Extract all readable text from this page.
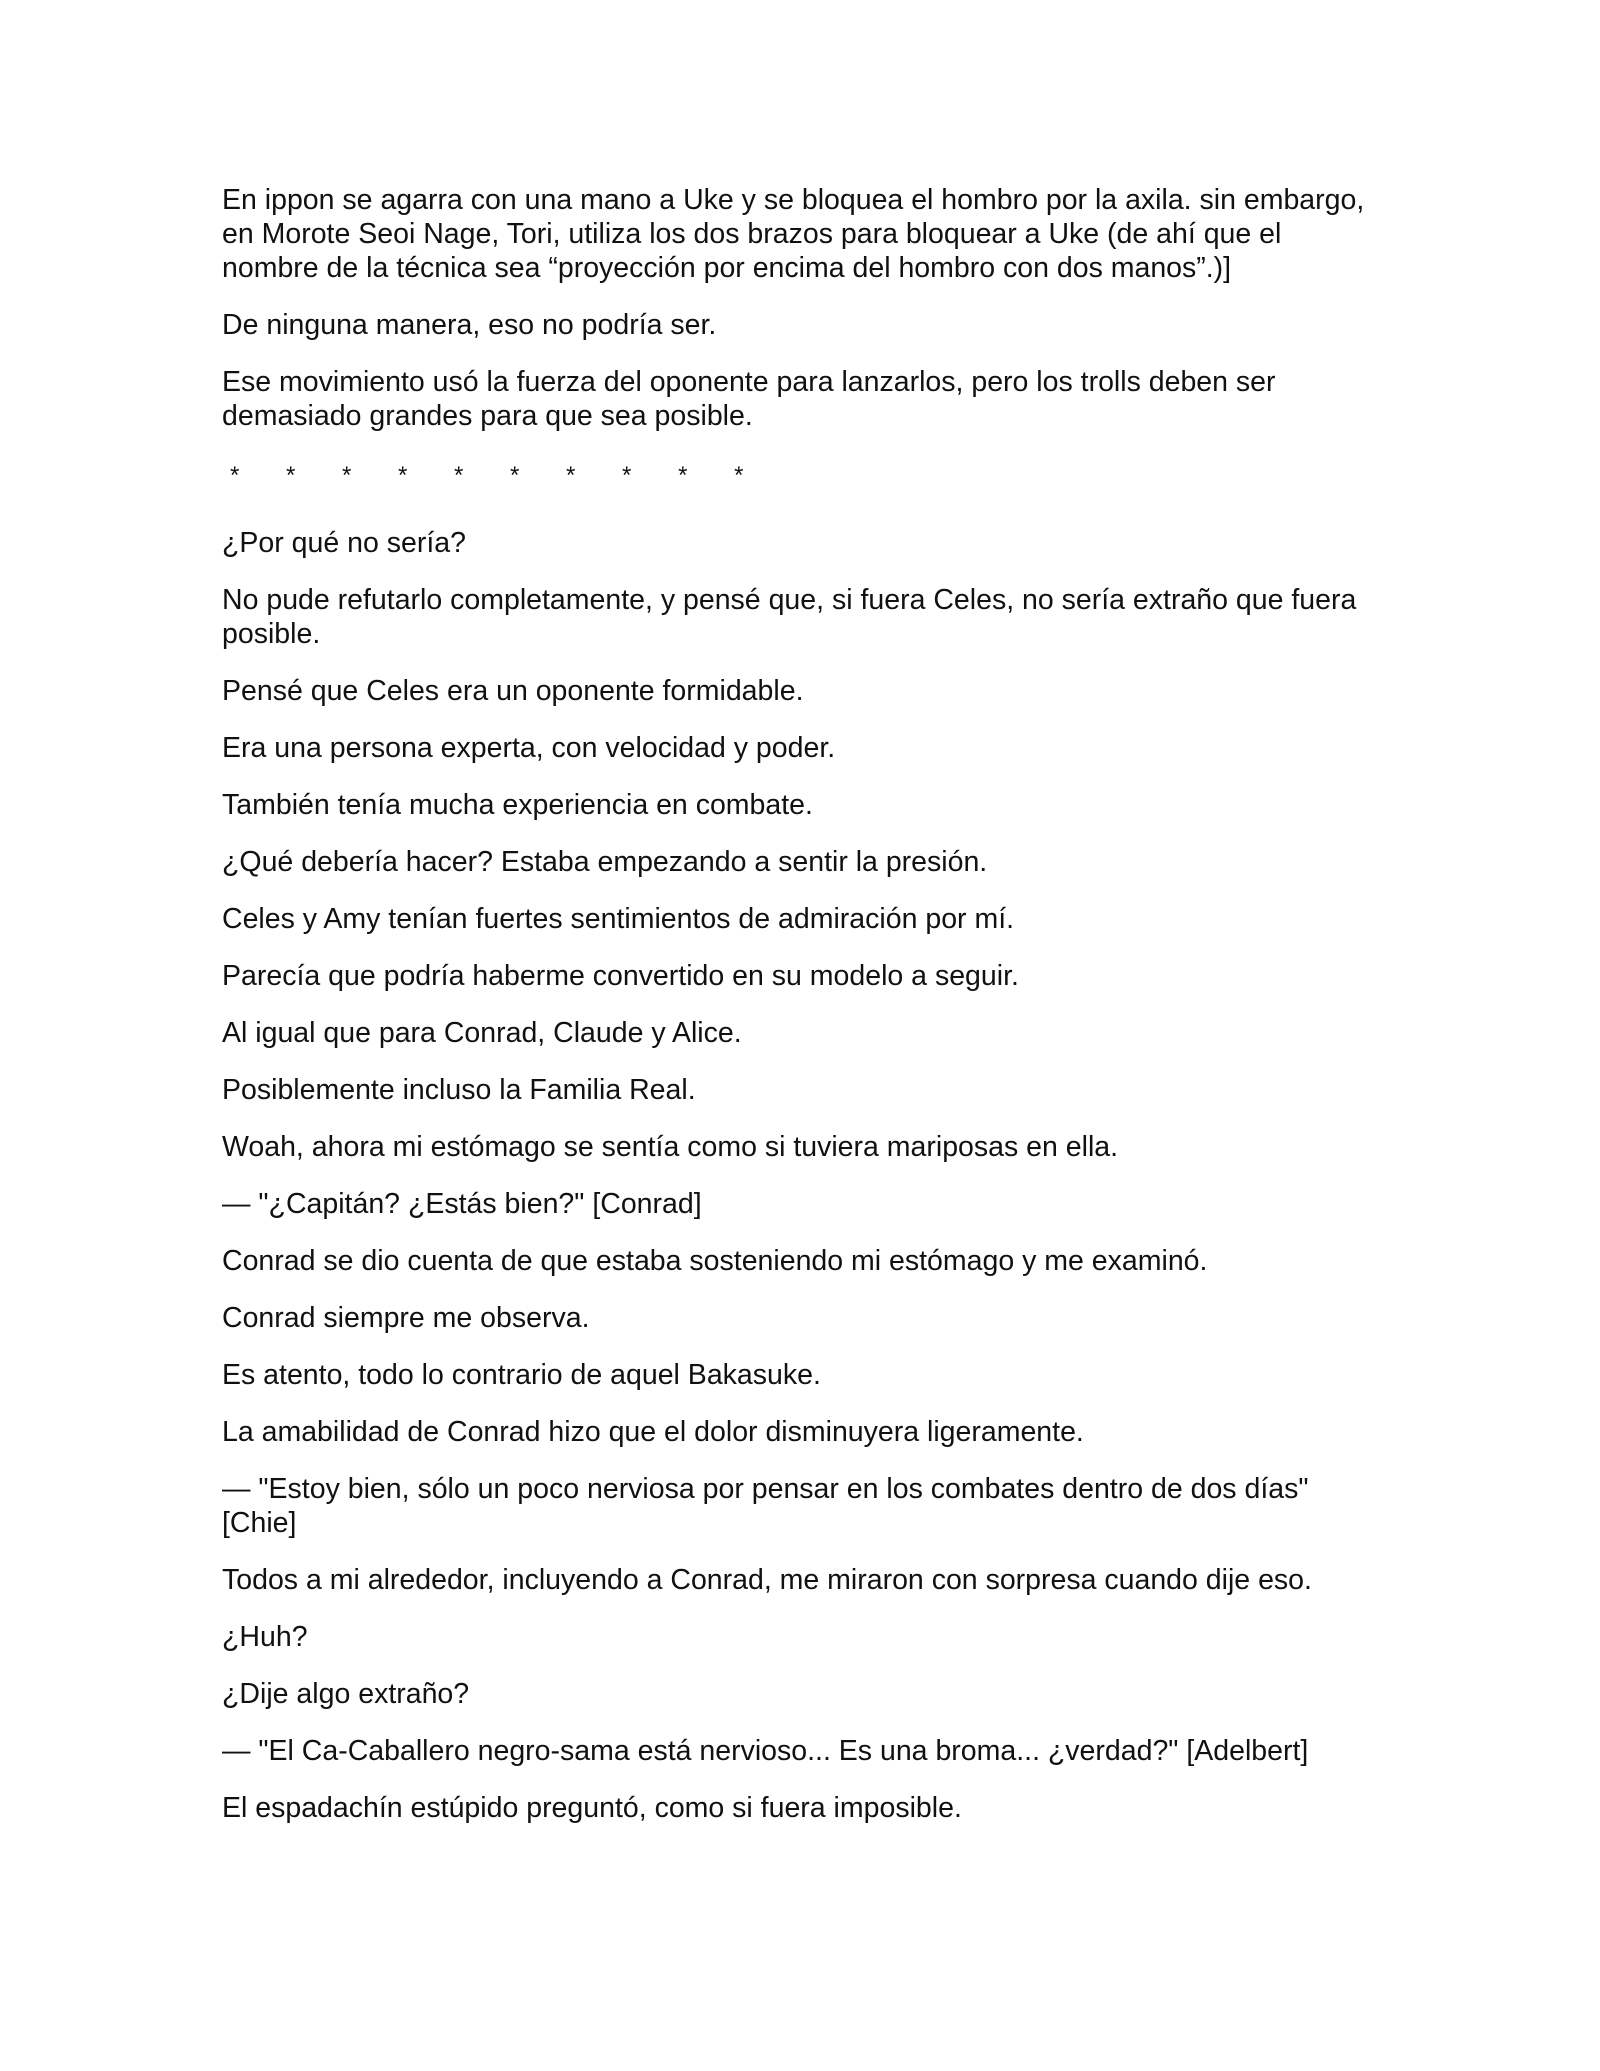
En ippon se agarra con una mano a Uke y se bloquea el hombro por la axila. sin embargo, en Morote Seoi Nage, Tori, utiliza los dos brazos para bloquear a Uke (de ahí que el nombre de la técnica sea “proyección por encima del hombro con dos manos”.)]

De ninguna manera, eso no podría ser.

Ese movimiento usó la fuerza del oponente para lanzarlos, pero los trolls deben ser demasiado grandes para que sea posible.

* * * * * * * * * *

¿Por qué no sería?

No pude refutarlo completamente, y pensé que, si fuera Celes, no sería extraño que fuera posible.

Pensé que Celes era un oponente formidable.

Era una persona experta, con velocidad y poder.

También tenía mucha experiencia en combate.

¿Qué debería hacer? Estaba empezando a sentir la presión.

Celes y Amy tenían fuertes sentimientos de admiración por mí.

Parecía que podría haberme convertido en su modelo a seguir.

Al igual que para Conrad, Claude y Alice.

Posiblemente incluso la Familia Real.

Woah, ahora mi estómago se sentía como si tuviera mariposas en ella.

— "¿Capitán? ¿Estás bien?" [Conrad]

Conrad se dio cuenta de que estaba sosteniendo mi estómago y me examinó.

Conrad siempre me observa.

Es atento, todo lo contrario de aquel Bakasuke.

La amabilidad de Conrad hizo que el dolor disminuyera ligeramente.

— "Estoy bien, sólo un poco nerviosa por pensar en los combates dentro de dos días" [Chie]

Todos a mi alrededor, incluyendo a Conrad, me miraron con sorpresa cuando dije eso.

¿Huh?

¿Dije algo extraño?

— "El Ca-Caballero negro-sama está nervioso... Es una broma... ¿verdad?" [Adelbert]

El espadachín estúpido preguntó, como si fuera imposible.
